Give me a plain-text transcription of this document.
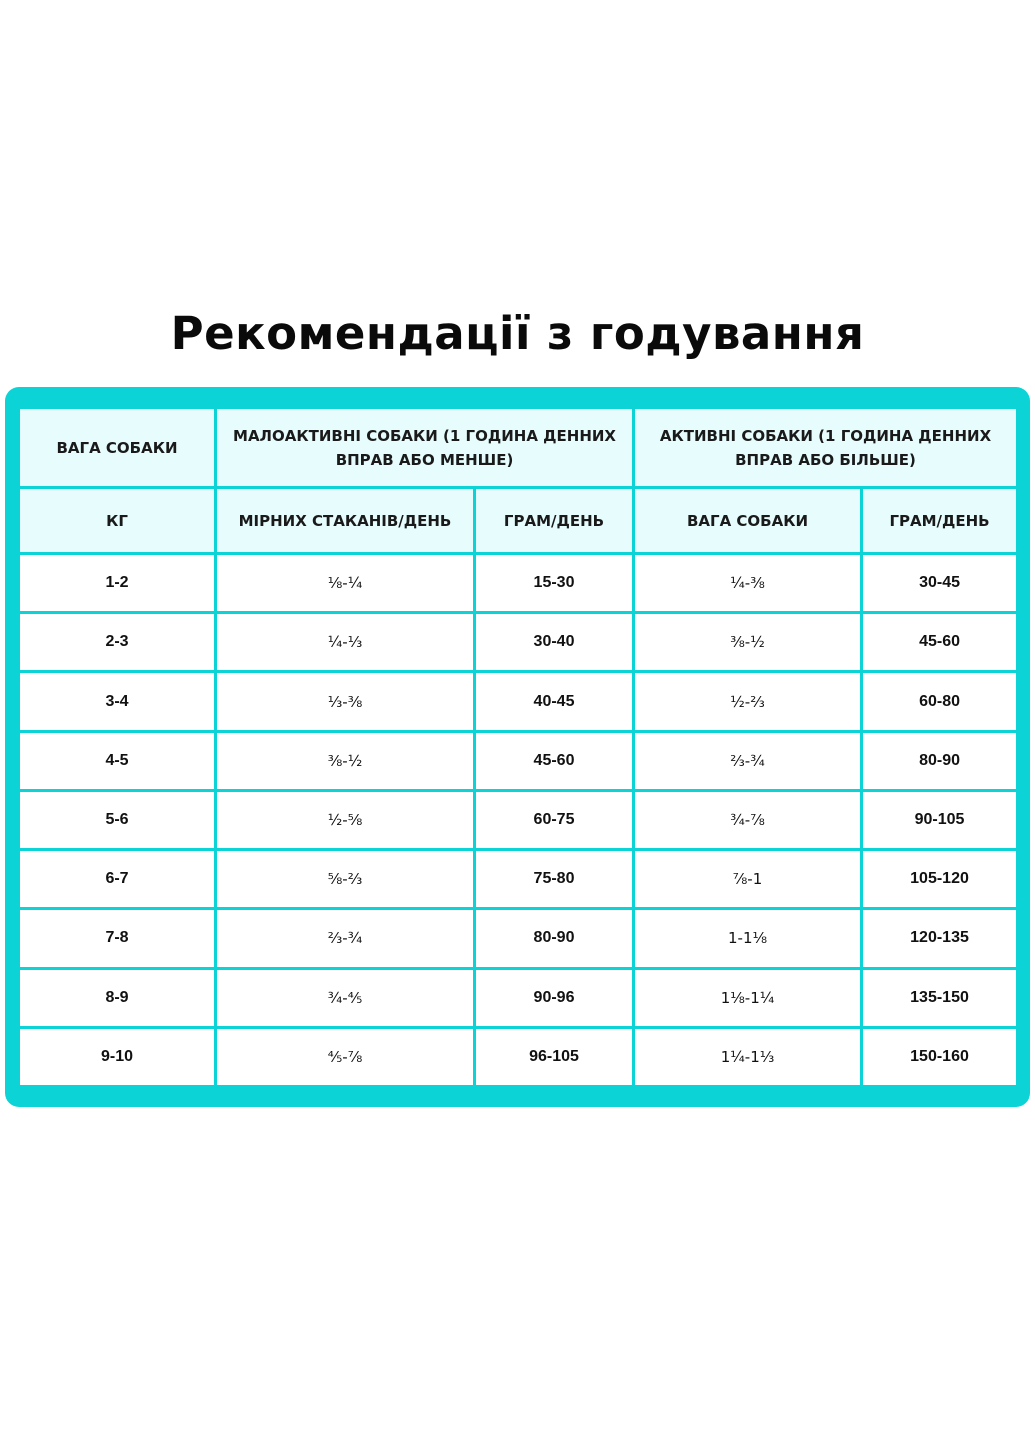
Рекомендації з годування
ВАГА СОБАКИ	МАЛОАКТИВНІ СОБАКИ (1 ГОДИНА ДЕННИХ ВПРАВ АБО МЕНШЕ)		АКТИВНІ СОБАКИ (1 ГОДИНА ДЕННИХ ВПРАВ АБО БІЛЬШЕ)	
КГ	МІРНИХ СТАКАНІВ/ДЕНЬ	ГРАМ/ДЕНЬ	ВАГА СОБАКИ	ГРАМ/ДЕНЬ
1-2	⅛-¼	15-30	¼-⅜	30-45
2-3	¼-⅓	30-40	⅜-½	45-60
3-4	⅓-⅜	40-45	½-⅔	60-80
4-5	⅜-½	45-60	⅔-¾	80-90
5-6	½-⅝	60-75	¾-⅞	90-105
6-7	⅝-⅔	75-80	⅞-1	105-120
7-8	⅔-¾	80-90	1-1⅛	120-135
8-9	¾-⅘	90-96	1⅛-1¼	135-150
9-10	⅘-⅞	96-105	1¼-1⅓	150-160
